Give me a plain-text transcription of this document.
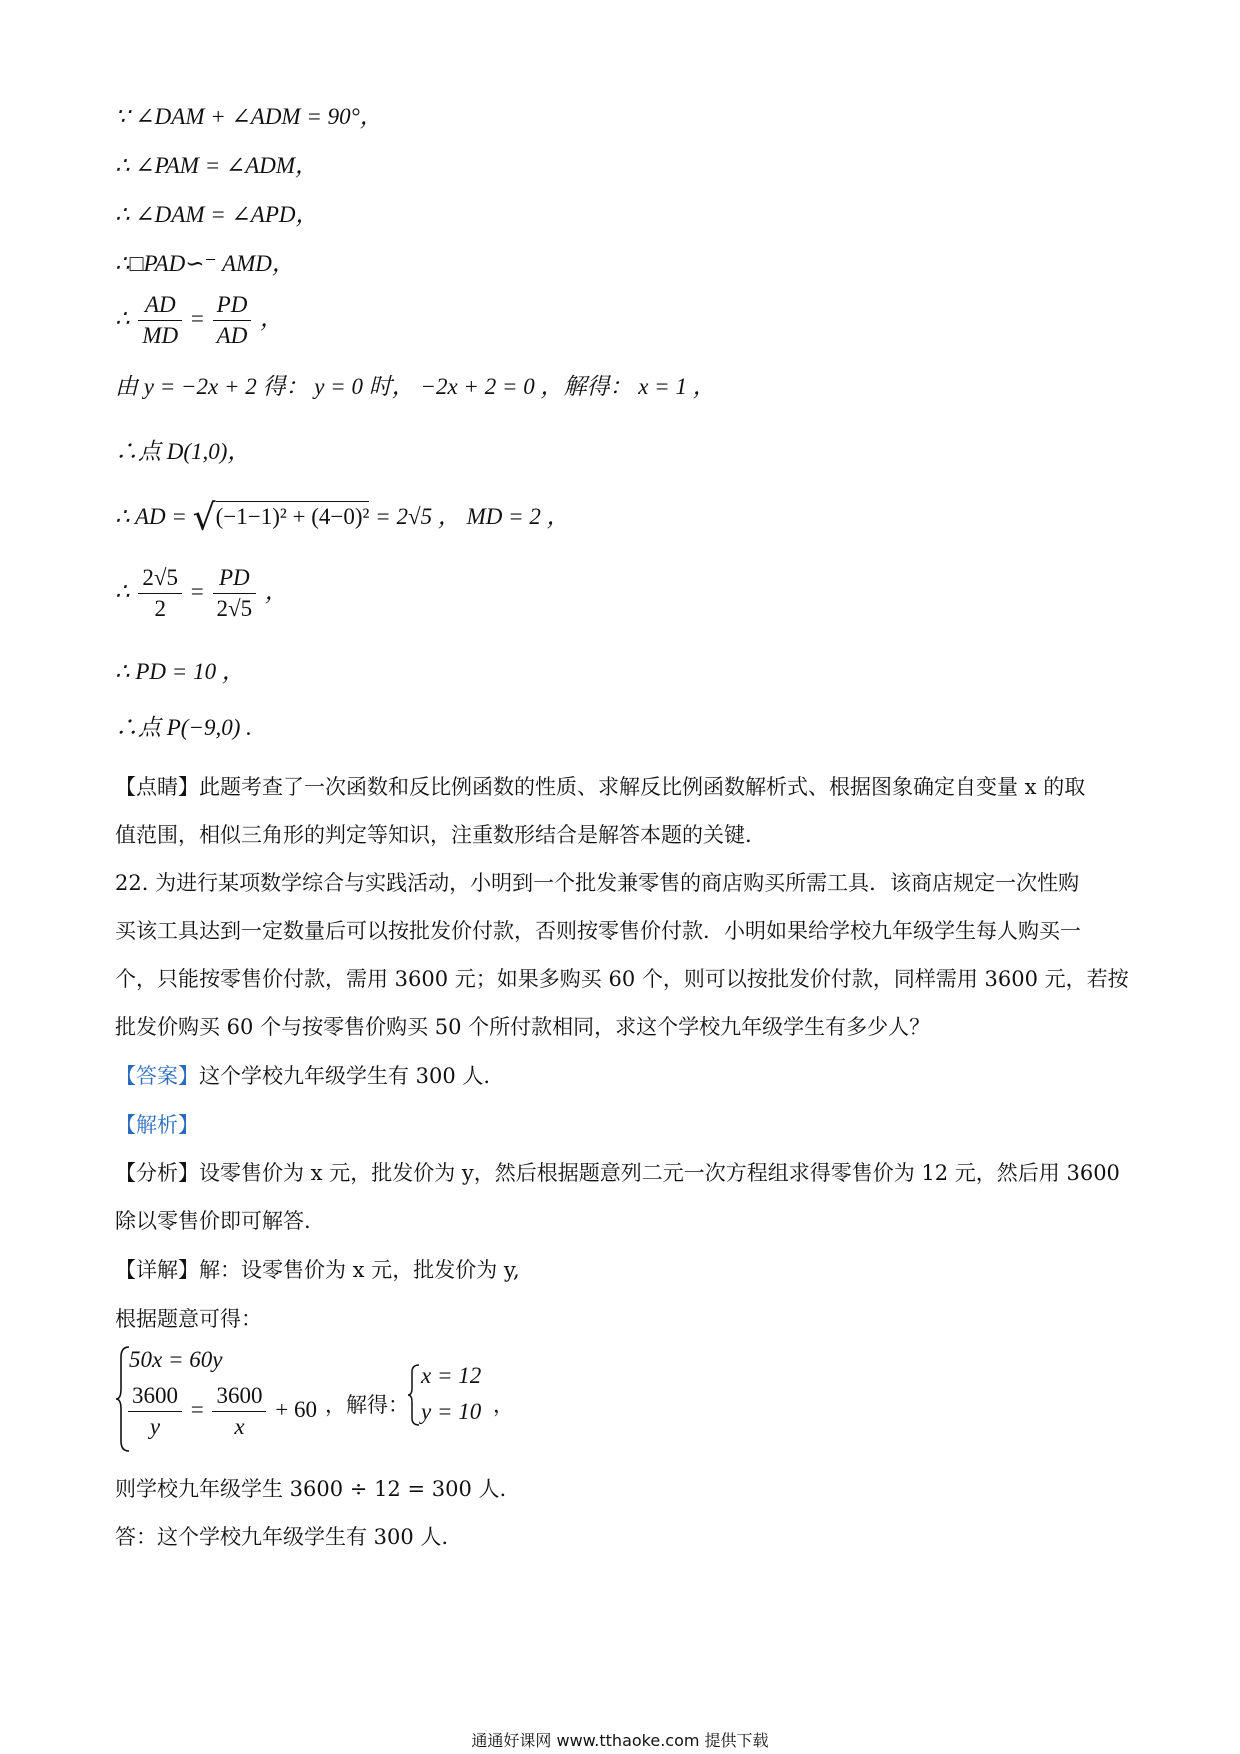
∵ ∠DAM + ∠ADM = 90°，
∴ ∠PAM = ∠ADM，
∴ ∠DAM = ∠APD，
∴□PAD∽⁻ AMD，
∴ $\frac{AD}{MD} = \frac{PD}{AD}$ ，
由 y = −2x + 2 得： y = 0 时， −2x + 2 = 0 ，解得： x = 1 ，
∴点 D(1,0)，
∴ AD = √(−1−1)² + (4−0)² = 2√5 ， MD = 2 ，
∴ $\frac{2√5}{2} = \frac{PD}{2√5}$ ，
∴ PD = 10 ，
∴点 P(−9,0) .
【点睛】此题考查了一次函数和反比例函数的性质、求解反比例函数解析式、根据图象确定自变量 x 的取
值范围，相似三角形的判定等知识，注重数形结合是解答本题的关键.
22. 为进行某项数学综合与实践活动，小明到一个批发兼零售的商店购买所需工具．该商店规定一次性购
买该工具达到一定数量后可以按批发价付款，否则按零售价付款．小明如果给学校九年级学生每人购买一
个，只能按零售价付款，需用 3600 元；如果多购买 60 个，则可以按批发价付款，同样需用 3600 元，若按
批发价购买 60 个与按零售价购买 50 个所付款相同，求这个学校九年级学生有多少人？
【答案】这个学校九年级学生有 300 人.
【解析】
【分析】设零售价为 x 元，批发价为 y，然后根据题意列二元一次方程组求得零售价为 12 元，然后用 3600
除以零售价即可解答.
【详解】解：设零售价为 x 元，批发价为 y,
根据题意可得：
50x = 60y
$\frac{3600}{y} = \frac{3600}{x} + 60$ ，解得：
x = 12
y = 10 ，
则学校九年级学生 3600 ÷ 12 = 300 人.
答：这个学校九年级学生有 300 人.
通通好课网 www.tthaoke.com 提供下载
